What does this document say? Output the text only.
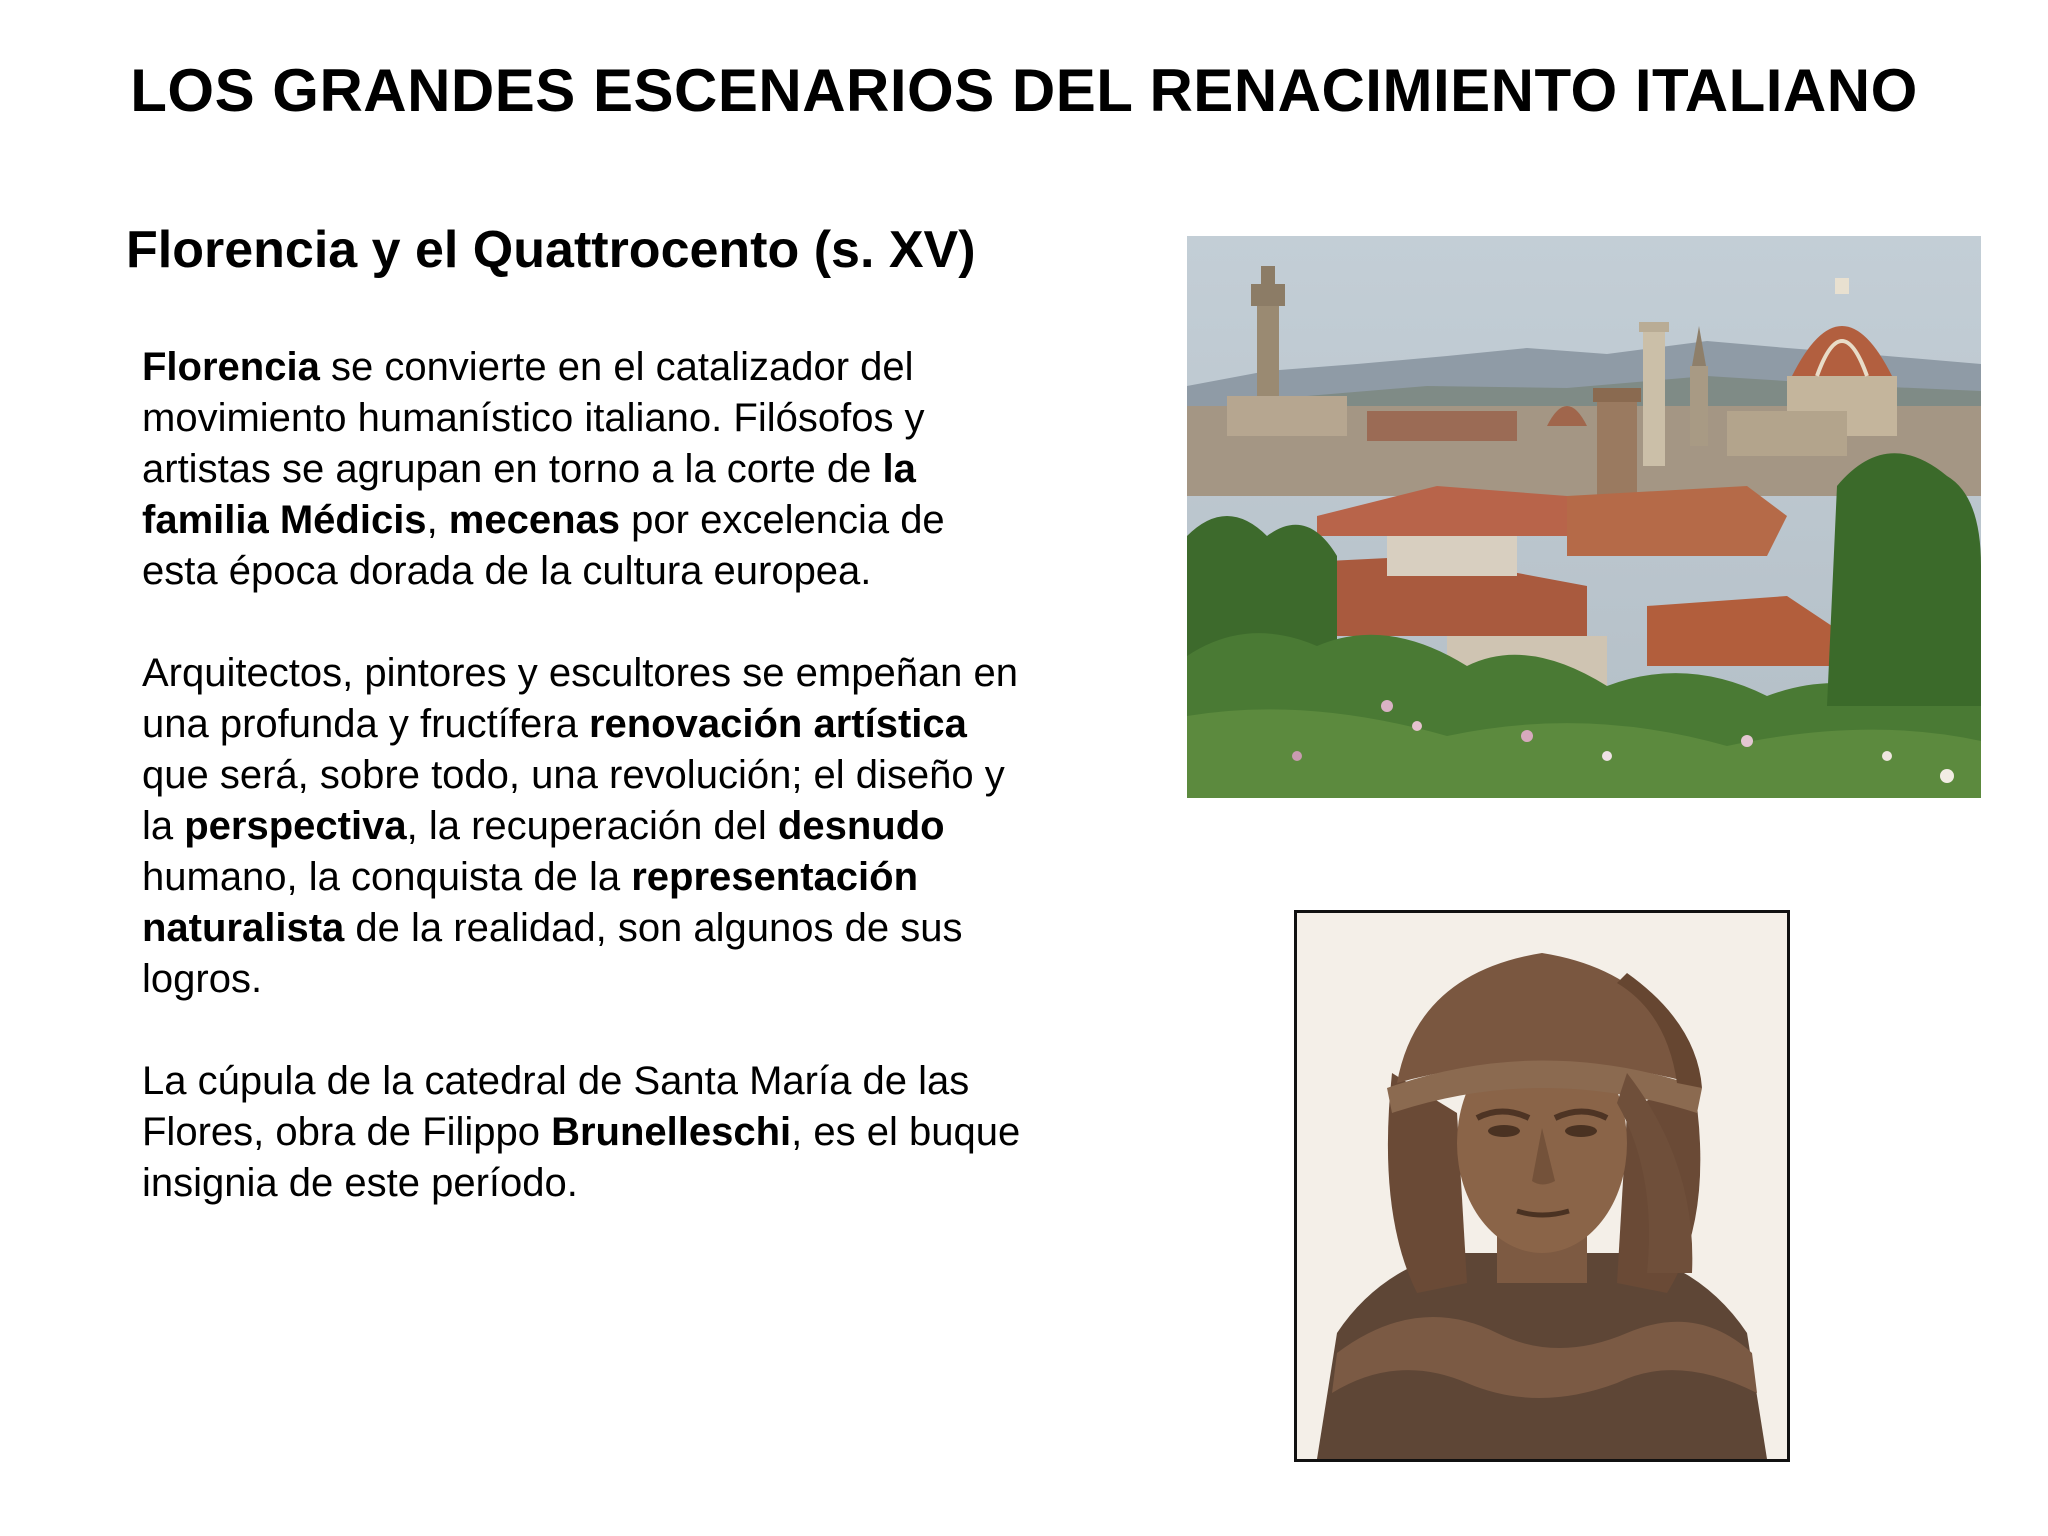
LOS GRANDES ESCENARIOS DEL RENACIMIENTO ITALIANO
Florencia y el Quattrocento (s. XV)

Florencia se convierte en el catalizador del movimiento humanístico italiano. Filósofos y artistas se agrupan en torno a la corte de la familia Médicis, mecenas por excelencia de esta época dorada de la cultura europea.

Arquitectos, pintores y escultores se empeñan en una profunda y fructífera renovación artística que será, sobre todo, una revolución; el diseño y la perspectiva, la recuperación del desnudo humano, la conquista de la representación naturalista de la realidad, son algunos de sus logros.

La cúpula de la catedral de Santa María de las Flores, obra de Filippo Brunelleschi, es el buque insignia de este período.
